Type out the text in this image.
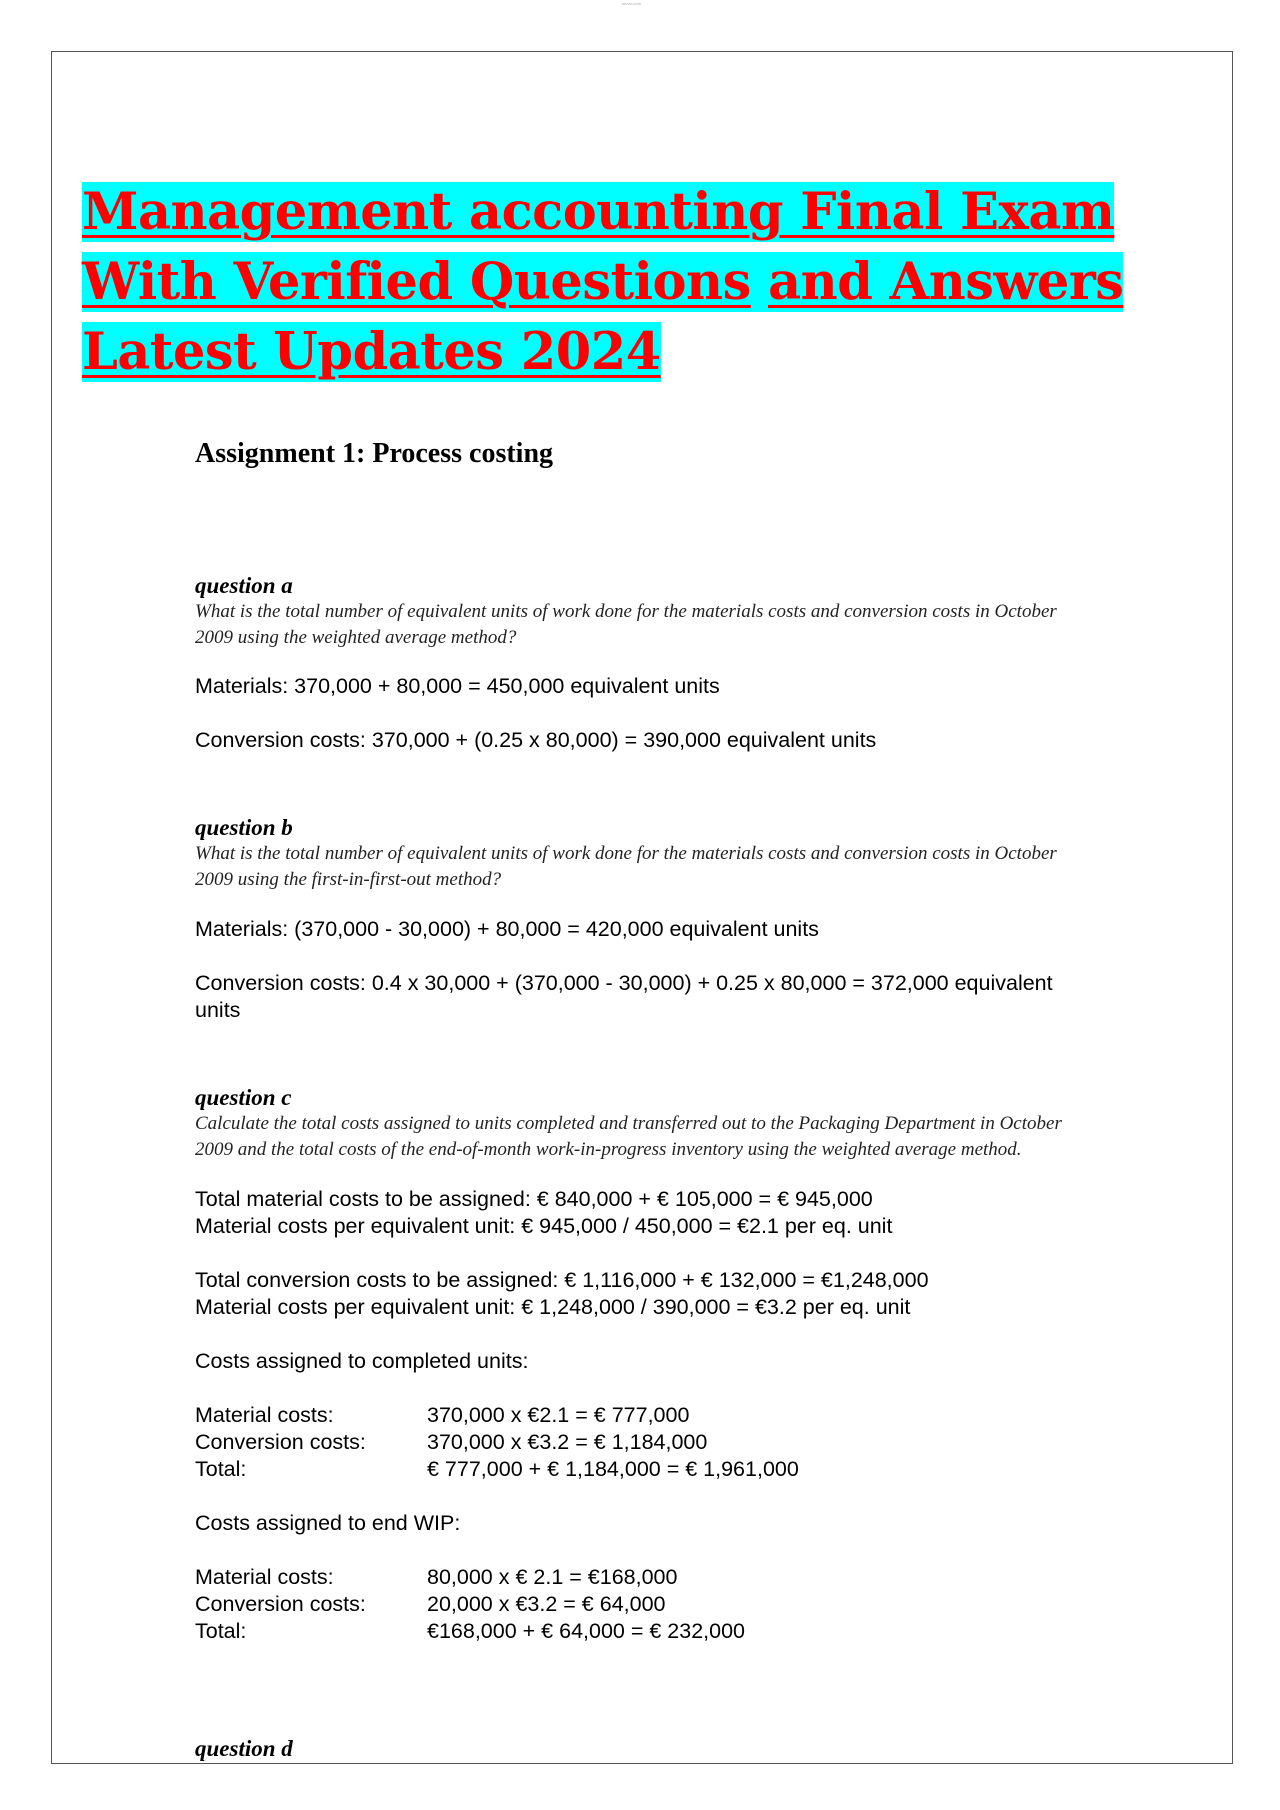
stuvia.com
Management accounting Final Exam
With Verified Questions and Answers
Latest Updates 2024
Assignment 1: Process costing
question a
What is the total number of equivalent units of work done for the materials costs and conversion costs in October 2009 using the weighted average method?
Materials: 370,000 + 80,000 = 450,000 equivalent units
Conversion costs: 370,000 + (0.25 x 80,000) = 390,000 equivalent units
question b
What is the total number of equivalent units of work done for the materials costs and conversion costs in October 2009 using the first-in-first-out method?
Materials: (370,000 - 30,000) + 80,000 = 420,000 equivalent units
Conversion costs: 0.4 x 30,000 + (370,000 - 30,000) + 0.25 x 80,000 = 372,000 equivalent units
question c
Calculate the total costs assigned to units completed and transferred out to the Packaging Department in October 2009 and the total costs of the end-of-month work-in-progress inventory using the weighted average method.
Total material costs to be assigned: € 840,000 + € 105,000 = € 945,000
Material costs per equivalent unit: € 945,000 / 450,000 = €2.1 per eq. unit
Total conversion costs to be assigned: € 1,116,000 + € 132,000 = €1,248,000
Material costs per equivalent unit: € 1,248,000 / 390,000 = €3.2 per eq. unit
Costs assigned to completed units:
Material costs:	370,000 x €2.1 = € 777,000
Conversion costs:	370,000 x €3.2 = € 1,184,000
Total:	€ 777,000 + € 1,184,000 = € 1,961,000
Costs assigned to end WIP:
Material costs:	80,000 x € 2.1 = €168,000
Conversion costs:	20,000 x €3.2 = € 64,000
Total:	€168,000 + € 64,000 = € 232,000
question d
